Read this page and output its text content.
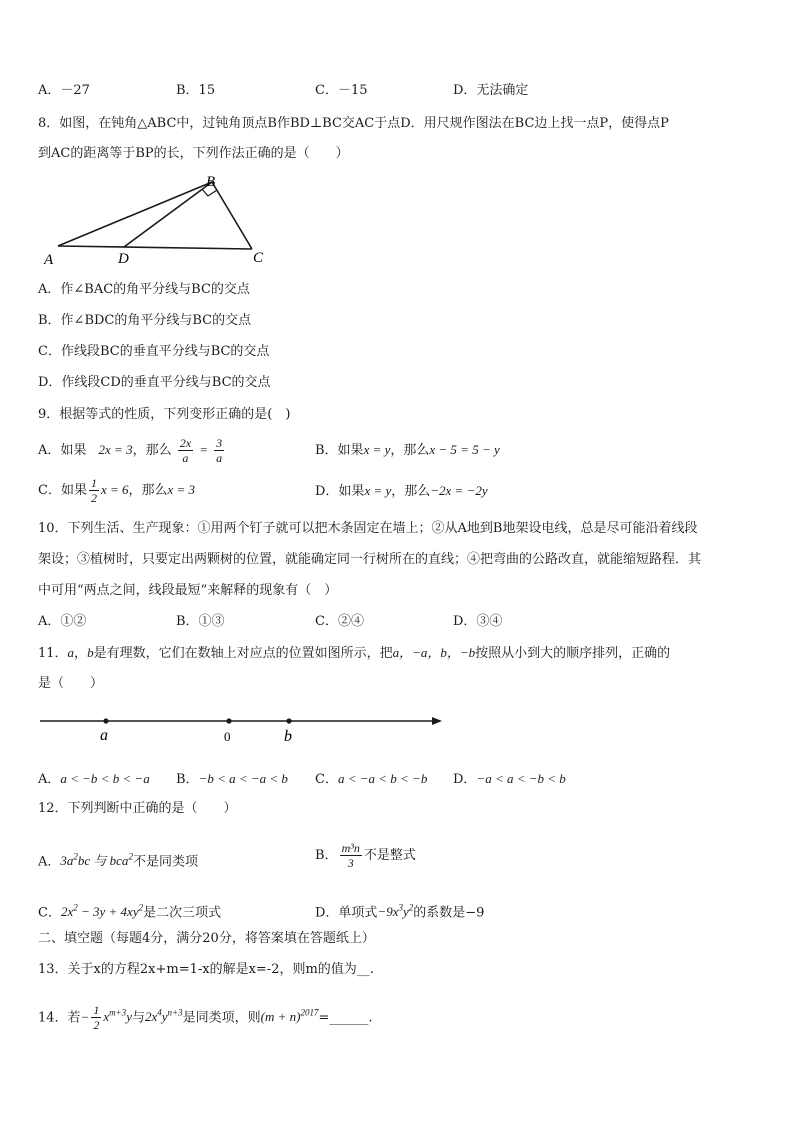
A．－27	B．15	C．－15	D．无法确定
8．如图，在钝角△ABC中，过钝角顶点B作BD⊥BC交AC于点D．用尺规作图法在BC边上找一点P，使得点P
到AC的距离等于BP的长，下列作法正确的是（　　）
A	D
B
C
A．作∠BAC的角平分线与BC的交点
B．作∠BDC的角平分线与BC的交点
C．作线段BC的垂直平分线与BC的交点
D．作线段CD的垂直平分线与BC的交点
9．根据等式的性质，下列变形正确的是(　)
A．如果 2x = 3，那么 $\frac{2x}{a} = \frac{3}{a}$	B．如果x = y，那么x − 5 = 5 − y
C．如果 $\frac{1}{2}$ x = 6，那么x = 3	D．如果x = y，那么−2x = −2y
10．下列生活、生产现象：①用两个钉子就可以把木条固定在墙上；②从A地到B地架设电线，总是尽可能沿着线段
架设；③植树时，只要定出两颗树的位置，就能确定同一行树所在的直线；④把弯曲的公路改直，就能缩短路程．其
中可用“两点之间，线段最短”来解释的现象有（　）
A．①②	B．①③	C．②④	D．③④
11．a，b是有理数，它们在数轴上对应点的位置如图所示，把a，−a，b，−b按照从小到大的顺序排列，正确的
是（　　）
a	0	b
A．a < −b < b < −a B．−b < a < −a < b C．a < −a < b < −b D．−a < a < −b < b
12．下列判断中正确的是（　　）
A．$3a^2bc$ 与 bca$^2$不是同类项	B． $\frac{\text{m³n}}{3}$ 不是整式
C．$2x^2 - 3y + 4xy^2$是二次三项式	D．单项式$-9x^3y^2$的系数是−9
二、填空题（每题4分，满分20分，将答案填在答题纸上）
13．关于x的方程2x+m=1-x的解是x=-2，则m的值为__.
14．若− $\frac{1}{2} x^{m+3}y$与$2x^4y^{n+3}$是同类项，则$(m + n)^{2017}=\_\_\_\_\_\_$.
